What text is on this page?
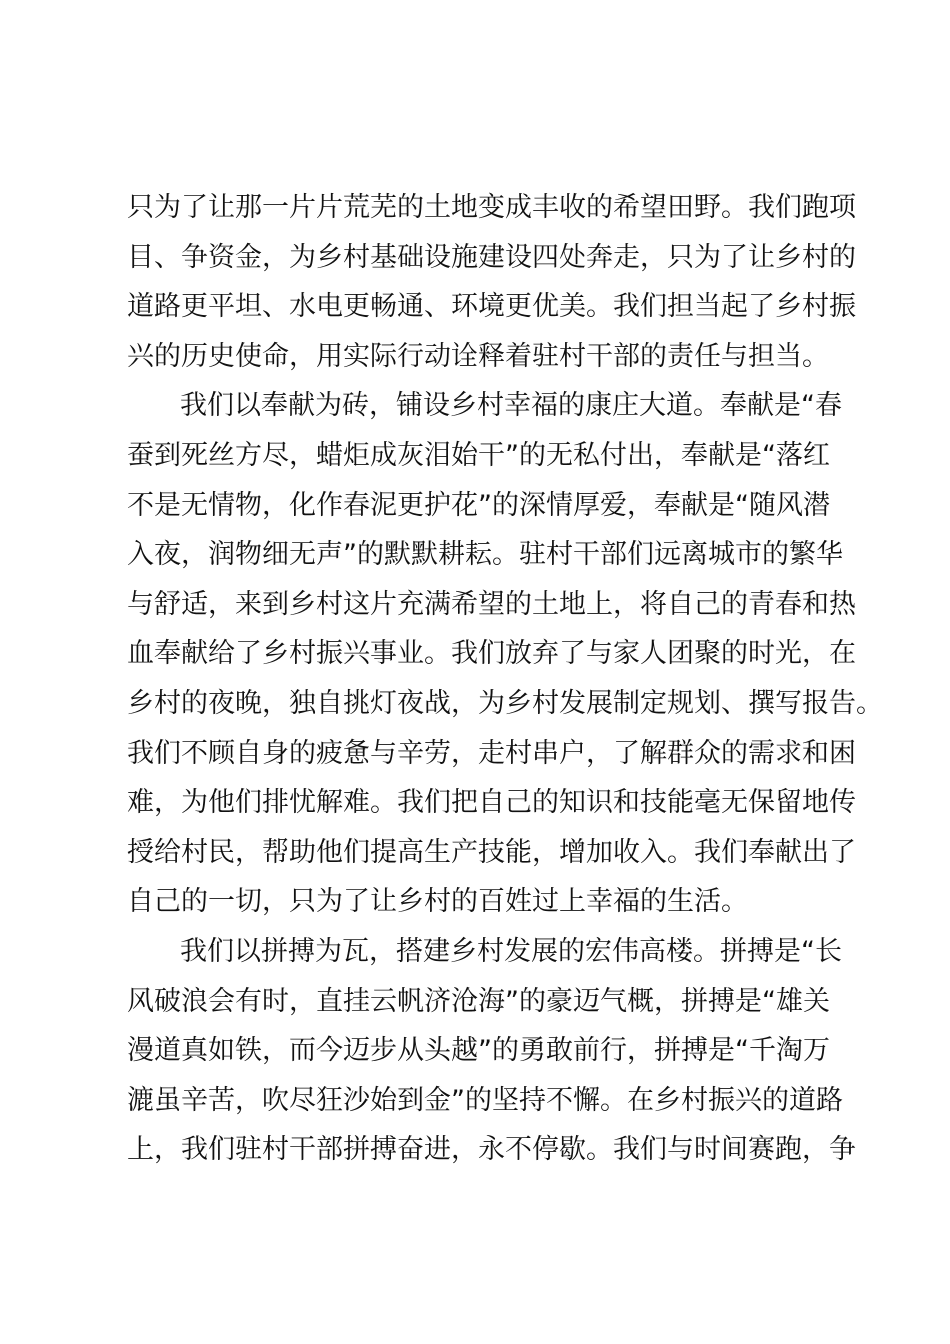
只为了让那一片片荒芜的土地变成丰收的希望田野。我们跑项
目、争资金，为乡村基础设施建设四处奔走，只为了让乡村的
道路更平坦、水电更畅通、环境更优美。我们担当起了乡村振
兴的历史使命，用实际行动诠释着驻村干部的责任与担当。
我们以奉献为砖，铺设乡村幸福的康庄大道。奉献是“春
蚕到死丝方尽，蜡炬成灰泪始干”的无私付出，奉献是“落红
不是无情物，化作春泥更护花”的深情厚爱，奉献是“随风潜
入夜，润物细无声”的默默耕耘。驻村干部们远离城市的繁华
与舒适，来到乡村这片充满希望的土地上，将自己的青春和热
血奉献给了乡村振兴事业。我们放弃了与家人团聚的时光，在
乡村的夜晚，独自挑灯夜战，为乡村发展制定规划、撰写报告。
我们不顾自身的疲惫与辛劳，走村串户，了解群众的需求和困
难，为他们排忧解难。我们把自己的知识和技能毫无保留地传
授给村民，帮助他们提高生产技能，增加收入。我们奉献出了
自己的一切，只为了让乡村的百姓过上幸福的生活。
我们以拼搏为瓦，搭建乡村发展的宏伟高楼。拼搏是“长
风破浪会有时，直挂云帆济沧海”的豪迈气概，拼搏是“雄关
漫道真如铁，而今迈步从头越”的勇敢前行，拼搏是“千淘万
漉虽辛苦，吹尽狂沙始到金”的坚持不懈。在乡村振兴的道路
上，我们驻村干部拼搏奋进，永不停歇。我们与时间赛跑，争
